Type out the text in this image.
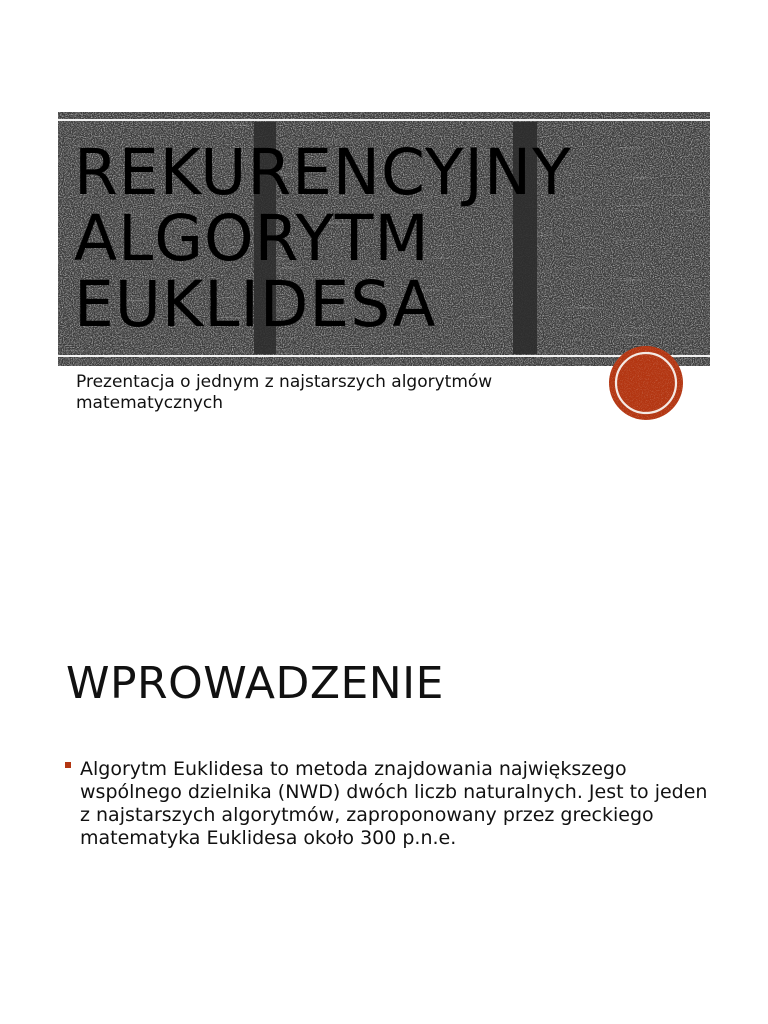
REKURENCYJNY ALGORYTM EUKLIDESA

Prezentacja o jednym z najstarszych algorytmów matematycznych

WPROWADZENIE
Algorytm Euklidesa to metoda znajdowania największego wspólnego dzielnika (NWD) dwóch liczb naturalnych. Jest to jeden z najstarszych algorytmów, zaproponowany przez greckiego matematyka Euklidesa około 300 p.n.e.
